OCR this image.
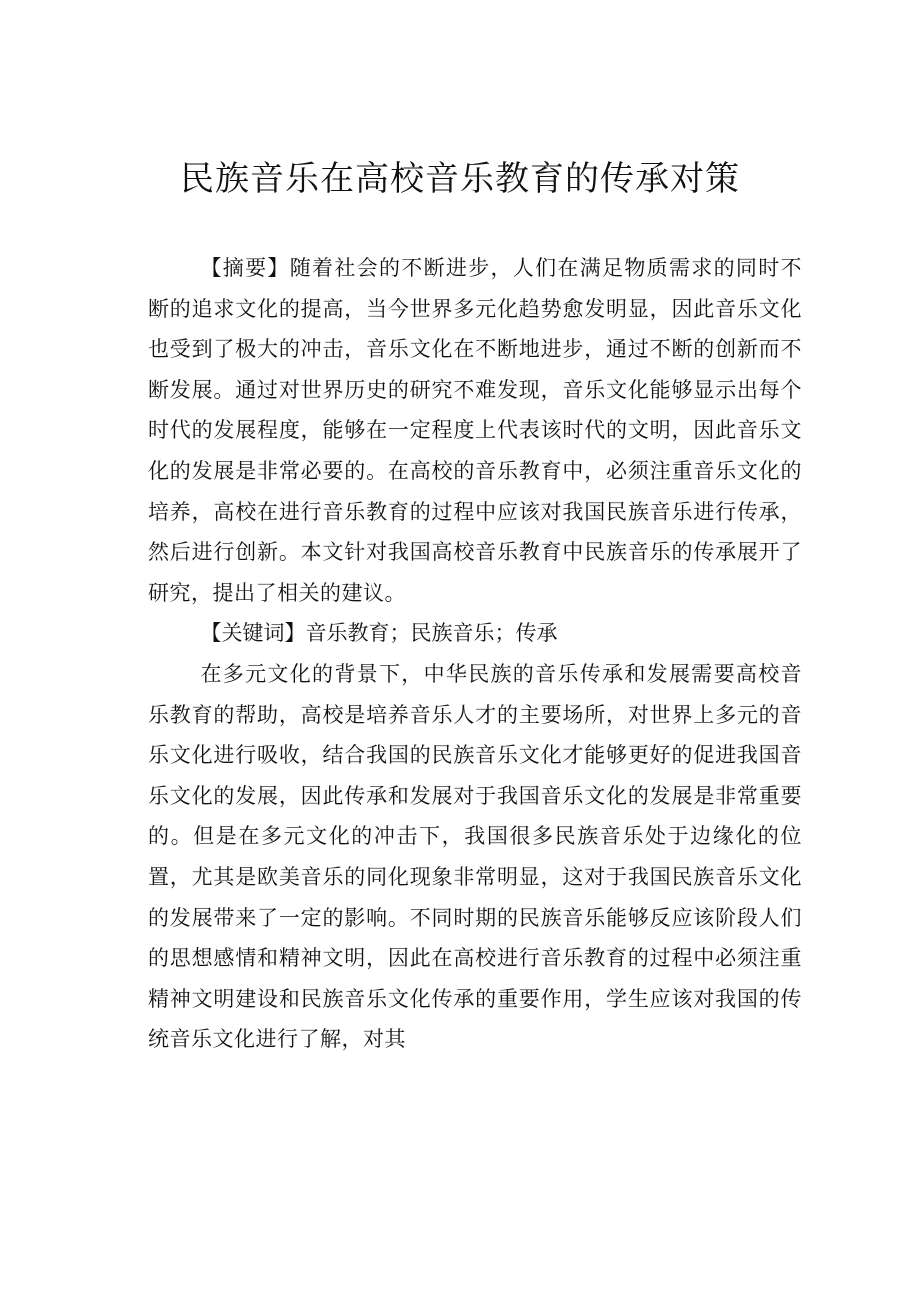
民族音乐在高校音乐教育的传承对策

【摘要】随着社会的不断进步，人们在满足物质需求的同时不断的追求文化的提高，当今世界多元化趋势愈发明显，因此音乐文化也受到了极大的冲击，音乐文化在不断地进步，通过不断的创新而不断发展。通过对世界历史的研究不难发现，音乐文化能够显示出每个时代的发展程度，能够在一定程度上代表该时代的文明，因此音乐文化的发展是非常必要的。在高校的音乐教育中，必须注重音乐文化的培养，高校在进行音乐教育的过程中应该对我国民族音乐进行传承，然后进行创新。本文针对我国高校音乐教育中民族音乐的传承展开了研究，提出了相关的建议。

【关键词】音乐教育；民族音乐；传承

在多元文化的背景下，中华民族的音乐传承和发展需要高校音乐教育的帮助，高校是培养音乐人才的主要场所，对世界上多元的音乐文化进行吸收，结合我国的民族音乐文化才能够更好的促进我国音乐文化的发展，因此传承和发展对于我国音乐文化的发展是非常重要的。但是在多元文化的冲击下，我国很多民族音乐处于边缘化的位置，尤其是欧美音乐的同化现象非常明显，这对于我国民族音乐文化的发展带来了一定的影响。不同时期的民族音乐能够反应该阶段人们的思想感情和精神文明，因此在高校进行音乐教育的过程中必须注重精神文明建设和民族音乐文化传承的重要作用，学生应该对我国的传统音乐文化进行了解，对其
